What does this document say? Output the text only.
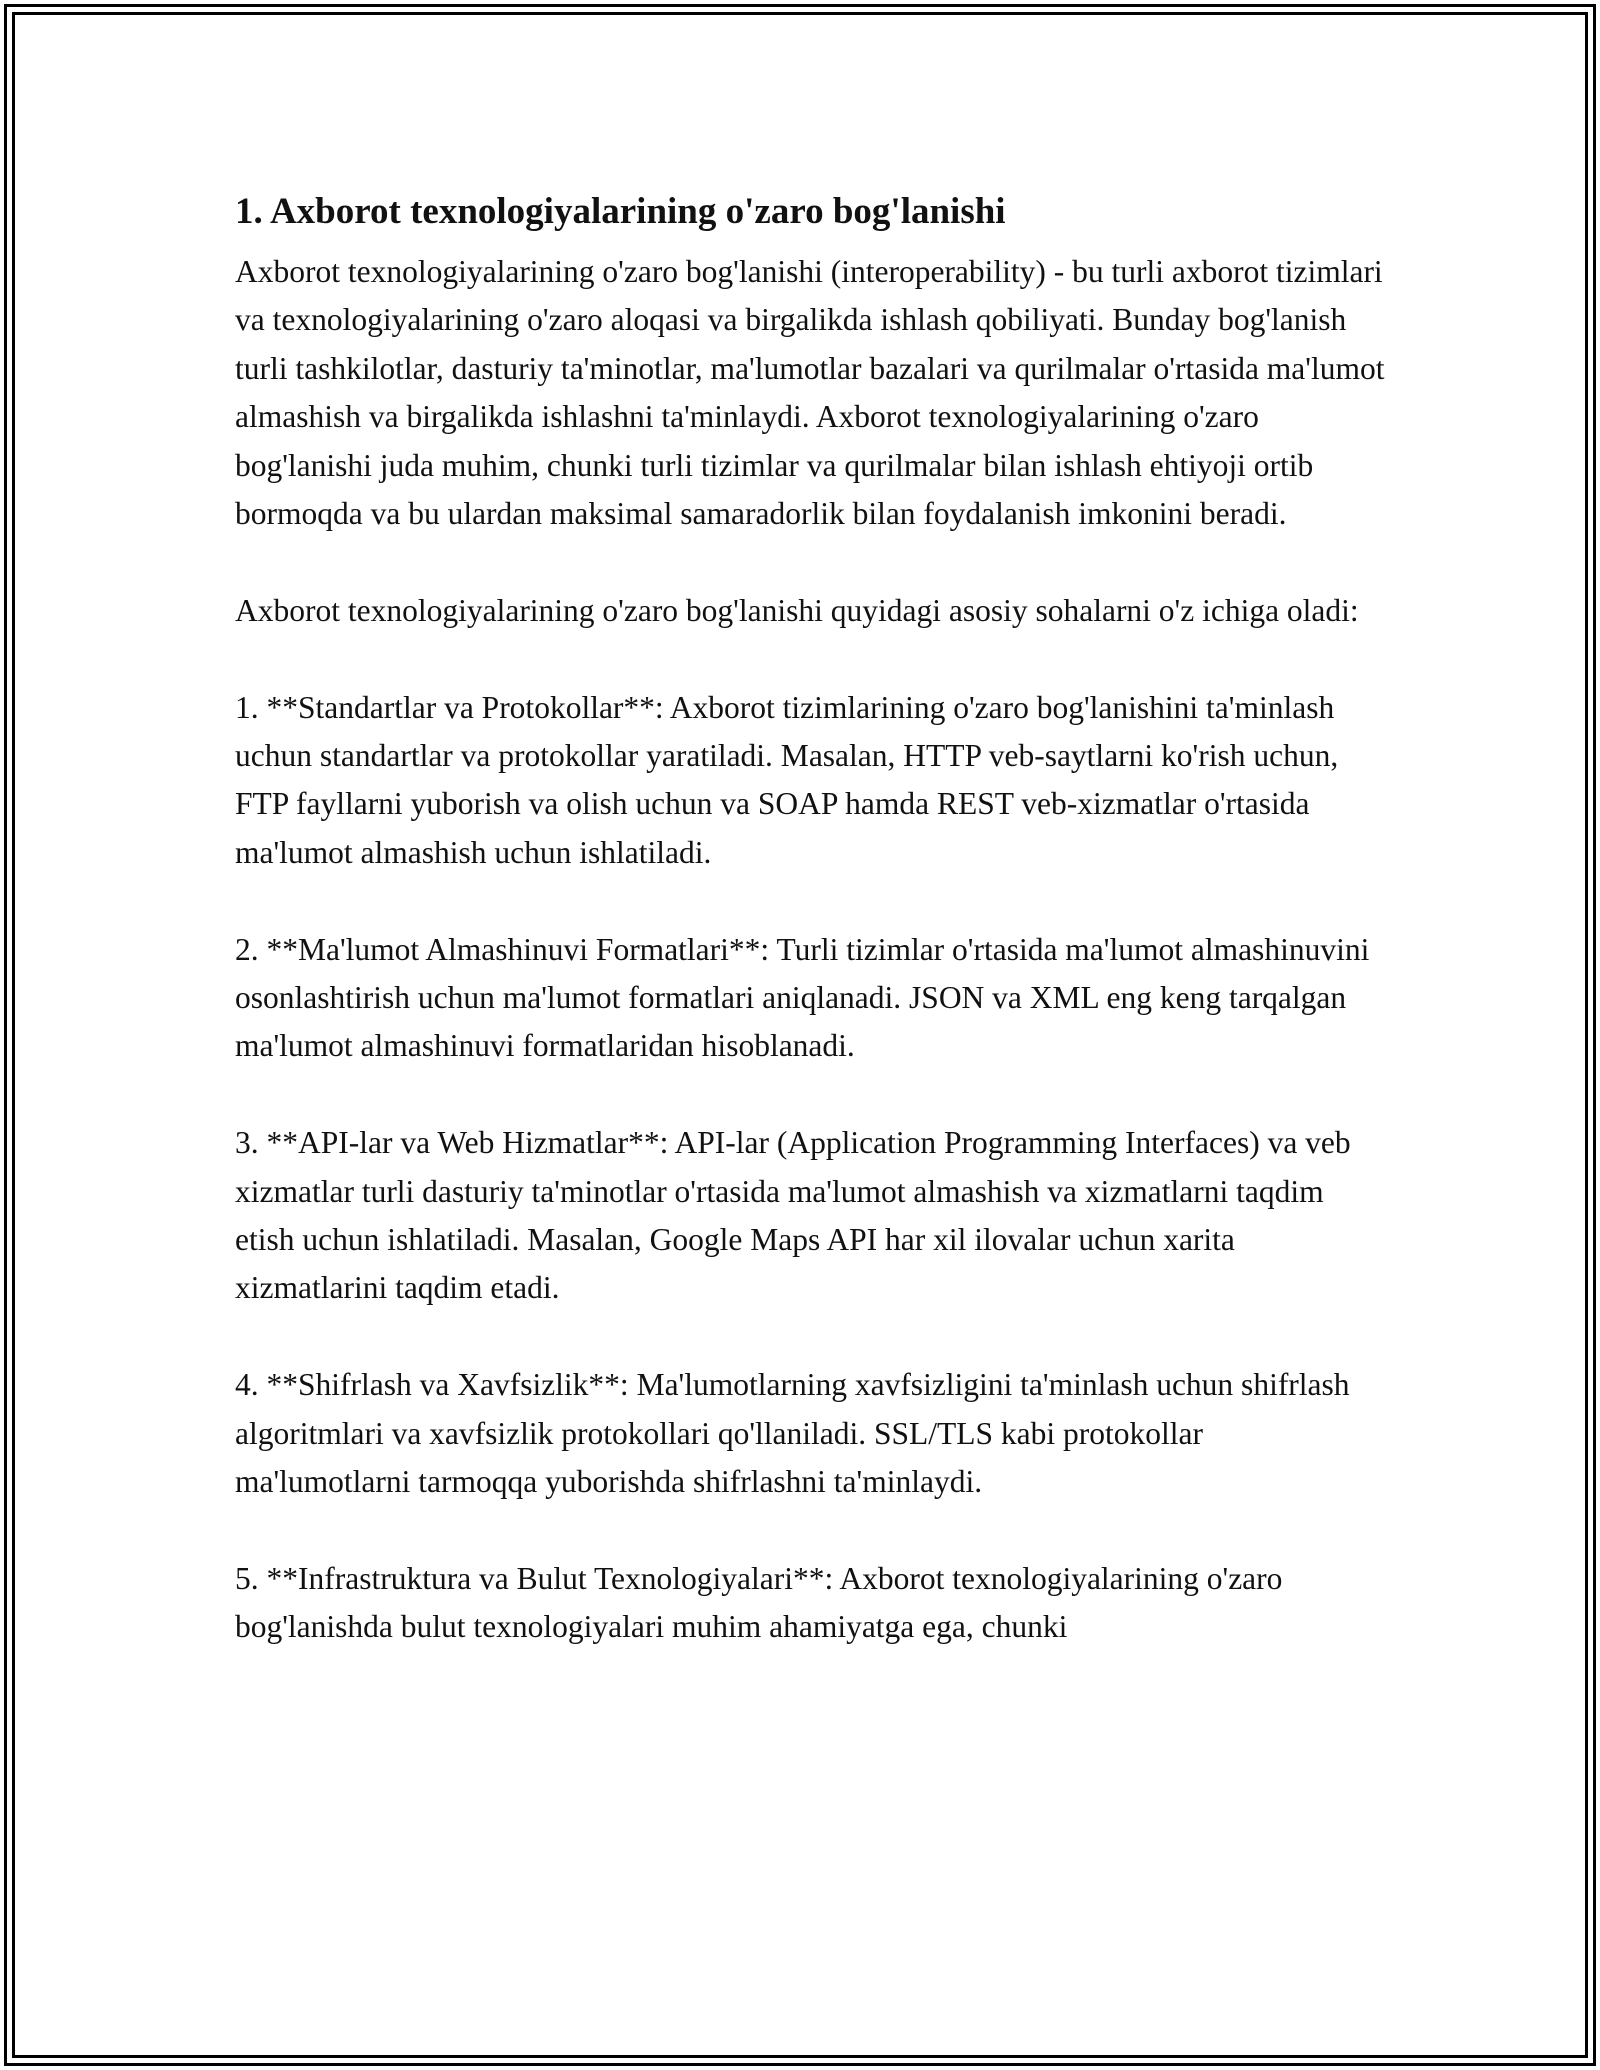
1. Axborot texnologiyalarining o'zaro bog'lanishi

Axborot texnologiyalarining o'zaro bog'lanishi (interoperability) - bu turli axborot tizimlari va texnologiyalarining o'zaro aloqasi va birgalikda ishlash qobiliyati. Bunday bog'lanish turli tashkilotlar, dasturiy ta'minotlar, ma'lumotlar bazalari va qurilmalar o'rtasida ma'lumot almashish va birgalikda ishlashni ta'minlaydi. Axborot texnologiyalarining o'zaro bog'lanishi juda muhim, chunki turli tizimlar va qurilmalar bilan ishlash ehtiyoji ortib bormoqda va bu ulardan maksimal samaradorlik bilan foydalanish imkonini beradi.

Axborot texnologiyalarining o'zaro bog'lanishi quyidagi asosiy sohalarni o'z ichiga oladi:

1. **Standartlar va Protokollar**: Axborot tizimlarining o'zaro bog'lanishini ta'minlash uchun standartlar va protokollar yaratiladi. Masalan, HTTP veb-saytlarni ko'rish uchun, FTP fayllarni yuborish va olish uchun va SOAP hamda REST veb-xizmatlar o'rtasida ma'lumot almashish uchun ishlatiladi.

2. **Ma'lumot Almashinuvi Formatlari**: Turli tizimlar o'rtasida ma'lumot almashinuvini osonlashtirish uchun ma'lumot formatlari aniqlanadi. JSON va XML eng keng tarqalgan ma'lumot almashinuvi formatlaridan hisoblanadi.

3. **API-lar va Web Hizmatlar**: API-lar (Application Programming Interfaces) va veb xizmatlar turli dasturiy ta'minotlar o'rtasida ma'lumot almashish va xizmatlarni taqdim etish uchun ishlatiladi. Masalan, Google Maps API har xil ilovalar uchun xarita xizmatlarini taqdim etadi.

4. **Shifrlash va Xavfsizlik**: Ma'lumotlarning xavfsizligini ta'minlash uchun shifrlash algoritmlari va xavfsizlik protokollari qo'llaniladi. SSL/TLS kabi protokollar ma'lumotlarni tarmoqqa yuborishda shifrlashni ta'minlaydi.

5. **Infrastruktura va Bulut Texnologiyalari**: Axborot texnologiyalarining o'zaro bog'lanishda bulut texnologiyalari muhim ahamiyatga ega, chunki
